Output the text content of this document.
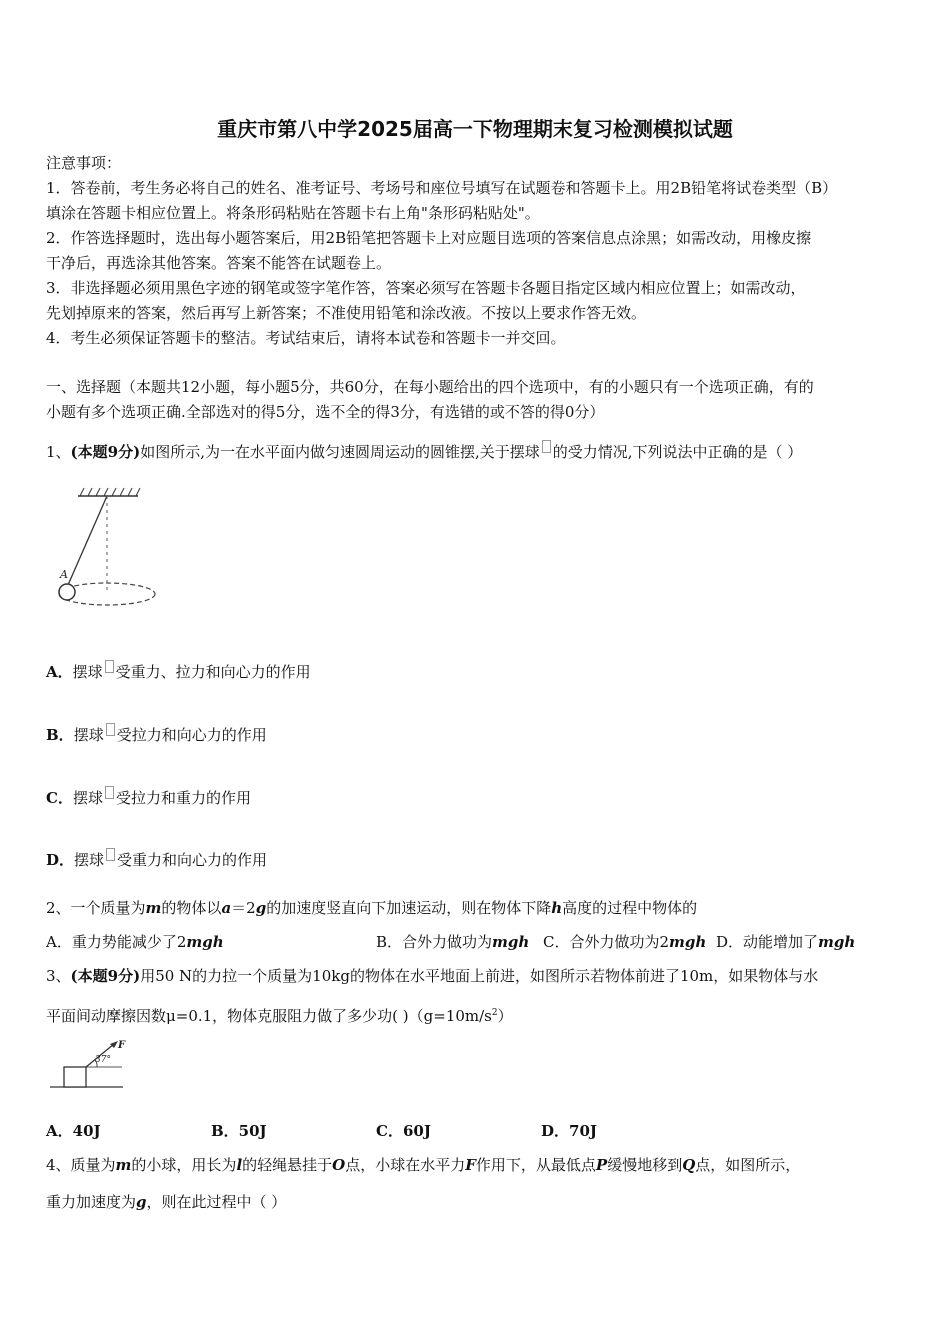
重庆市第八中学2025届高一下物理期末复习检测模拟试题
注意事项：
1．答卷前，考生务必将自己的姓名、准考证号、考场号和座位号填写在试题卷和答题卡上。用2B铅笔将试卷类型（B）
填涂在答题卡相应位置上。将条形码粘贴在答题卡右上角"条形码粘贴处"。
2．作答选择题时，选出每小题答案后，用2B铅笔把答题卡上对应题目选项的答案信息点涂黑；如需改动，用橡皮擦
干净后，再选涂其他答案。答案不能答在试题卷上。
3．非选择题必须用黑色字迹的钢笔或签字笔作答，答案必须写在答题卡各题目指定区域内相应位置上；如需改动，
先划掉原来的答案，然后再写上新答案；不准使用铅笔和涂改液。不按以上要求作答无效。
4．考生必须保证答题卡的整洁。考试结束后，请将本试卷和答题卡一并交回。
一、选择题（本题共12小题，每小题5分，共60分，在每小题给出的四个选项中，有的小题只有一个选项正确，有的
小题有多个选项正确.全部选对的得5分，选不全的得3分，有选错的或不答的得0分）
1、(本题9分)如图所示,为一在水平面内做匀速圆周运动的圆锥摆,关于摆球 的受力情况,下列说法中正确的是（ ）
A
A．摆球 受重力、拉力和向心力的作用
B．摆球 受拉力和向心力的作用
C．摆球 受拉力和重力的作用
D．摆球 受重力和向心力的作用
2、一个质量为m的物体以a＝2g的加速度竖直向下加速运动，则在物体下降h高度的过程中物体的
A．重力势能减少了2mgh	B．合外力做功为mgh C．合外力做功为2mgh D．动能增加了mgh
3、(本题9分)用50 N的力拉一个质量为10kg的物体在水平地面上前进，如图所示若物体前进了10m，如果物体与水
平面间动摩擦因数μ=0.1，物体克服阻力做了多少功( )$(g=10m/s^2)$
F
37°
A．40J	B．50J	C．60J	D．70J
4、质量为m的小球，用长为l的轻绳悬挂于O点，小球在水平力F作用下，从最低点P缓慢地移到Q点，如图所示，
重力加速度为g，则在此过程中（ ）
